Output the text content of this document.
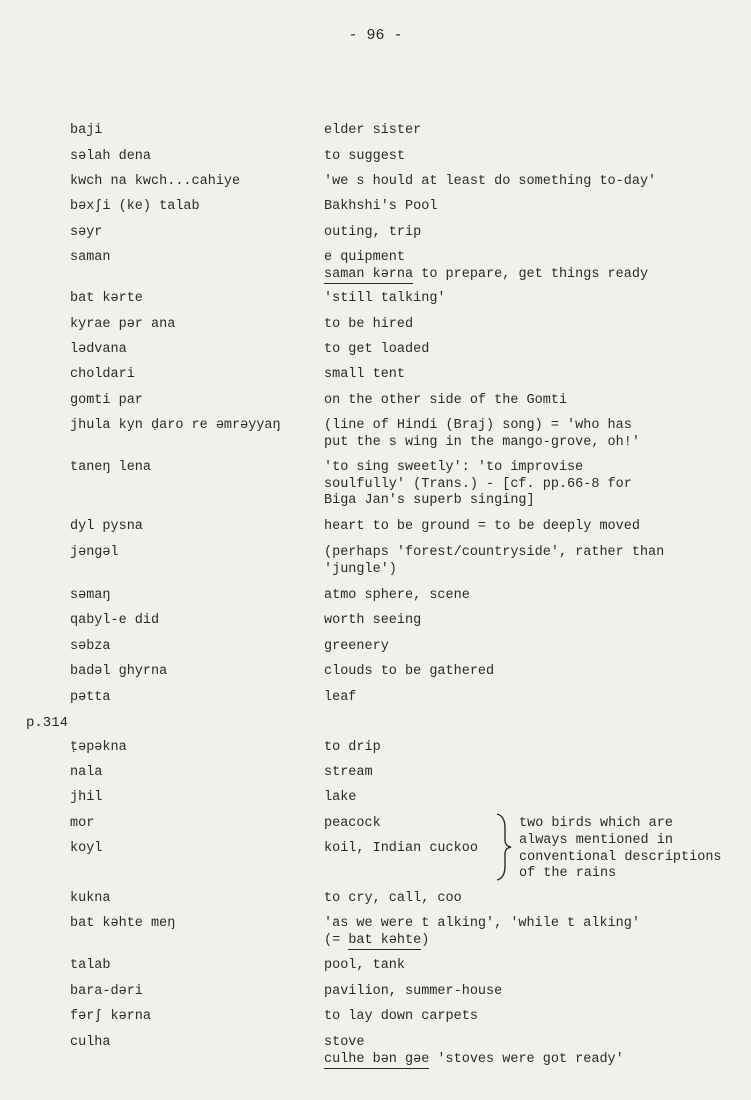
- 96 -
p.314
baji	elder sister
səlah dena	to suggest
kwch na kwch...cahiye	'we s hould at least do something to-day'
bəxʃi (ke) talab	Bakhshi's Pool
səyr	outing, trip
saman	e quipment
saman kərna to prepare, get things ready
bat kərte	'still talking'
kyrae pər ana	to be hired
lədvana	to get loaded
choldari	small tent
gomti par	on the other side of the Gomti
jhula kyn ḍaro re əmrəyyaŋ	(line of Hindi (Braj) song) = 'who has
put the s wing in the mango-grove, oh!'
taneŋ lena	'to sing sweetly': 'to improvise
soulfully' (Trans.) - [cf. pp.66-8 for
Biga Jan's superb singing]
dyl pysna	heart to be ground = to be deeply moved
jəngəl	(perhaps 'forest/countryside', rather than
'jungle')
səmaŋ	atmo sphere, scene
qabyl-e did	worth seeing
səbza	greenery
badəl ghyrna	clouds to be gathered
pətta	leaf
ṭəpəkna	to drip
nala	stream
jhil	lake
mor	peacock
koyl	koil, Indian cuckoo
kukna	to cry, call, coo
bat kəhte meŋ	'as we were t alking', 'while t alking'
(= bat kəhte)
talab	pool, tank
bara-dəri	pavilion, summer-house
fərʃ kərna	to lay down carpets
culha	stove
culhe bən gəe 'stoves were got ready'
two birds which are
always mentioned in
conventional descriptions
of the rains
